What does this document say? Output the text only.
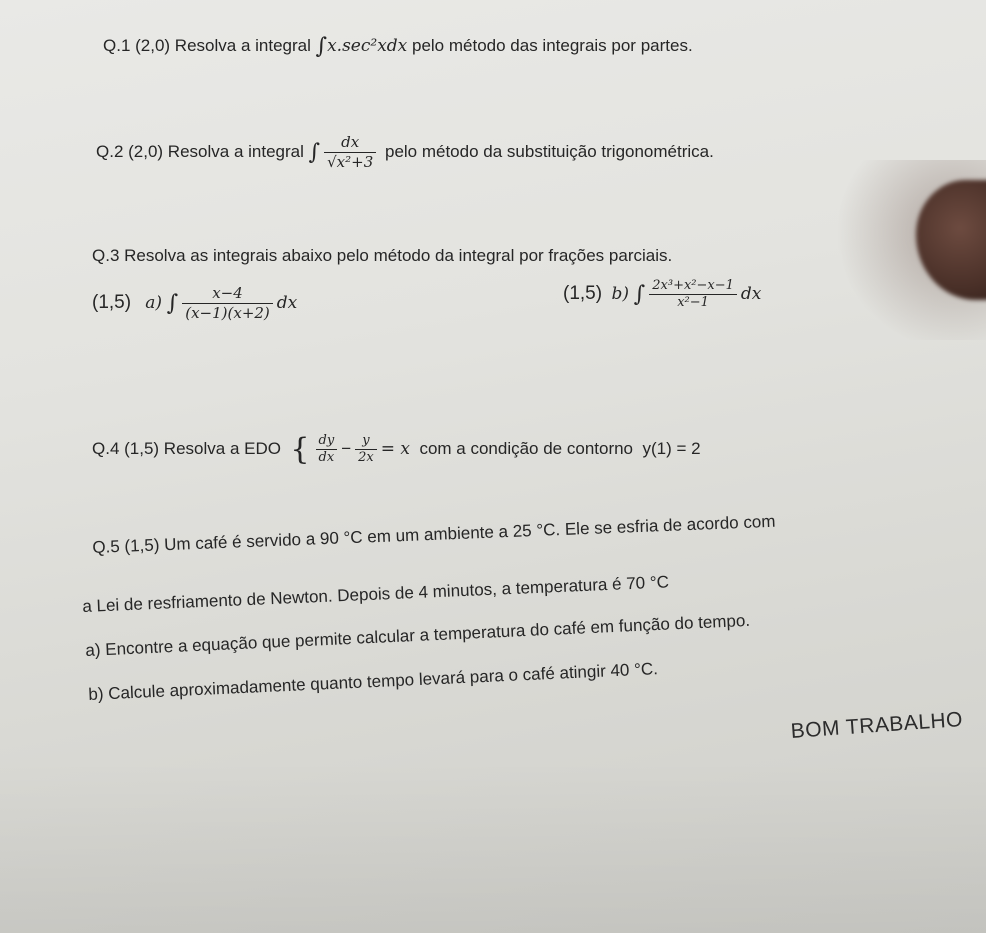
Q.1 (2,0) Resolva a integral ∫x.sec²xdx pelo método das integrais por partes.
Q.2 (2,0) Resolva a integral ∫ $\frac{dx}{\text{√x²+3}}$ pelo método da substituição trigonométrica.
Q.3 Resolva as integrais abaixo pelo método da integral por frações parciais.
(1,5) a) ∫ $\frac{x-4}{(x-1)(x+2)}$ dx	(1,5) b) ∫ $\frac{\text{2x³+x²−x−1}}{\text{x²−1}}$ dx
Q.4 (1,5) Resolva a EDO { $\frac{dy}{dx} - \frac{y}{2x} = x$ com a condição de contorno y(1) = 2
Q.5 (1,5) Um café é servido a 90 °C em um ambiente a 25 °C. Ele se esfria de acordo com
a Lei de resfriamento de Newton. Depois de 4 minutos, a temperatura é 70 °C
a) Encontre a equação que permite calcular a temperatura do café em função do tempo.
b) Calcule aproximadamente quanto tempo levará para o café atingir 40 °C.
BOM TRABALHO
